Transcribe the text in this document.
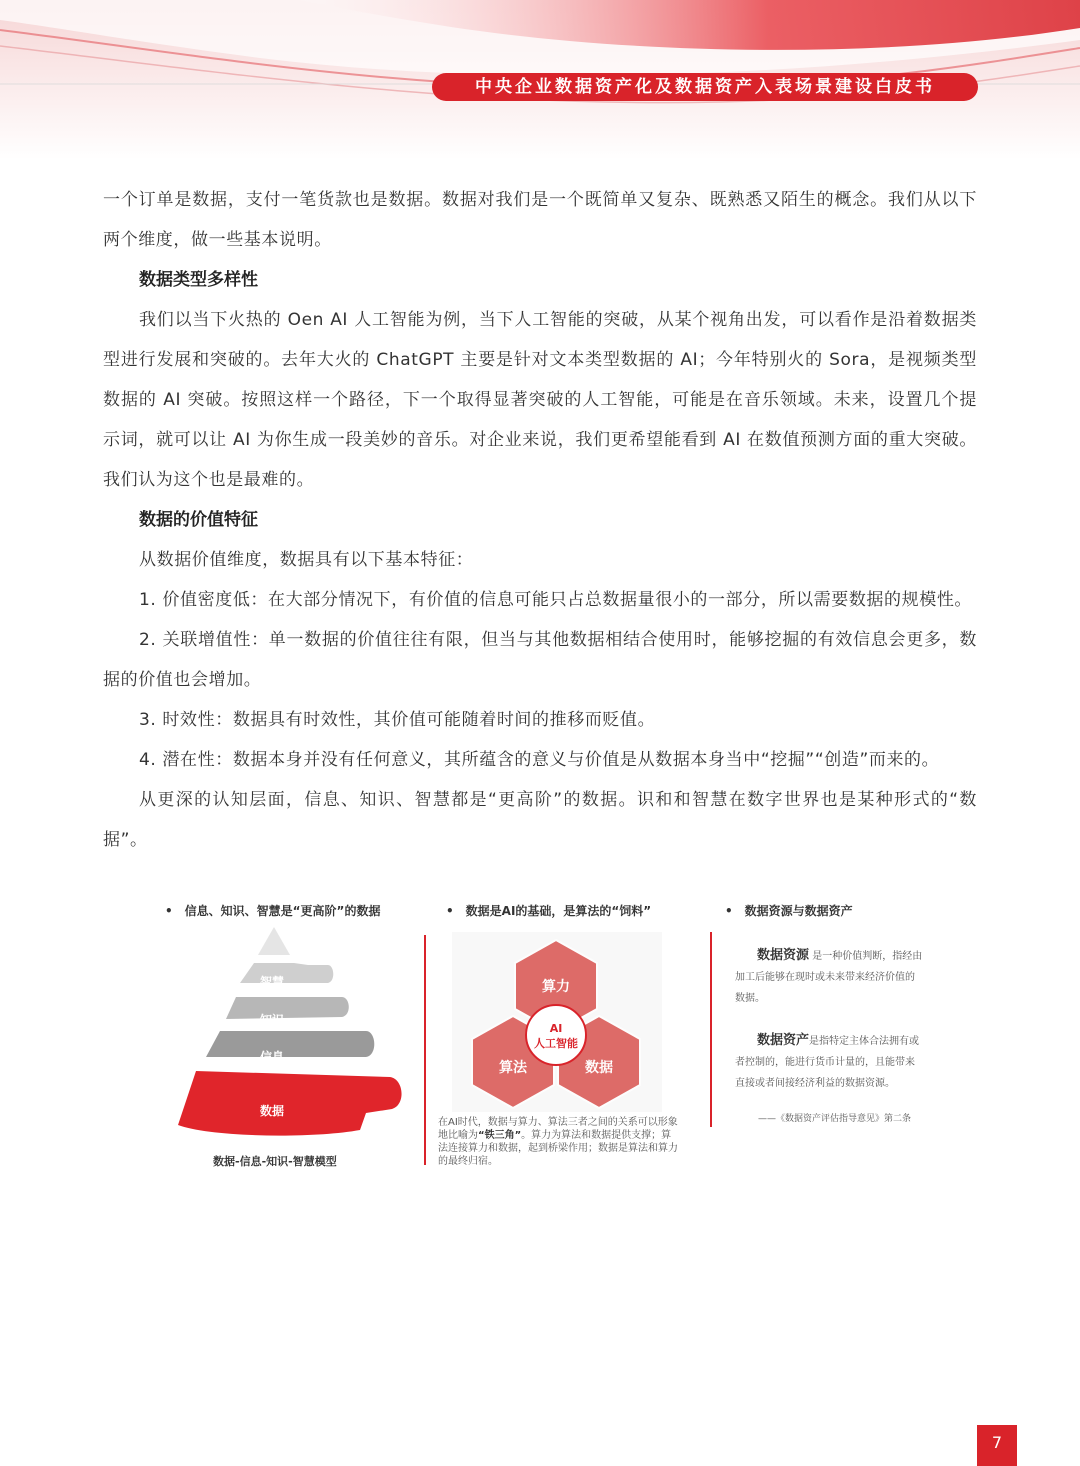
中央企业数据资产化及数据资产入表场景建设白皮书

一个订单是数据，支付一笔货款也是数据。数据对我们是一个既简单又复杂、既熟悉又陌生的概念。我们从以下两个维度，做一些基本说明。

数据类型多样性

我们以当下火热的 Oen AI 人工智能为例，当下人工智能的突破，从某个视角出发，可以看作是沿着数据类型进行发展和突破的。去年大火的 ChatGPT 主要是针对文本类型数据的 AI；今年特别火的 Sora，是视频类型数据的 AI 突破。按照这样一个路径，下一个取得显著突破的人工智能，可能是在音乐领域。未来，设置几个提示词，就可以让 AI 为你生成一段美妙的音乐。对企业来说，我们更希望能看到 AI 在数值预测方面的重大突破。我们认为这个也是最难的。

数据的价值特征

从数据价值维度，数据具有以下基本特征：

1. 价值密度低：在大部分情况下，有价值的信息可能只占总数据量很小的一部分，所以需要数据的规模性。

2. 关联增值性：单一数据的价值往往有限，但当与其他数据相结合使用时，能够挖掘的有效信息会更多，数据的价值也会增加。

3. 时效性：数据具有时效性，其价值可能随着时间的推移而贬值。

4. 潜在性：数据本身并没有任何意义，其所蕴含的意义与价值是从数据本身当中“挖掘”“创造”而来的。

从更深的认知层面，信息、知识、智慧都是“更高阶”的数据。识和和智慧在数字世界也是某种形式的“数据”。

• 信息、知识、智慧是“更高阶”的数据	• 数据是AI的基础，是算法的“饲料”	• 数据资源与数据资产
智慧
知识
信息
数据
数据-信息-知识-智慧模型
算力
算法	数据
AI
人工智能
在AI时代，数据与算力、算法三者之间的关系可以形象地比喻为“铁三角”。算力为算法和数据提供支撑；算法连接算力和数据，起到桥梁作用；数据是算法和算力的最终归宿。
数据资源 是一种价值判断，指经由加工后能够在现时或未来带来经济价值的数据。
数据资产是指特定主体合法拥有或者控制的，能进行货币计量的，且能带来直接或者间接经济利益的数据资源。
——《数据资产评估指导意见》第二条
7
